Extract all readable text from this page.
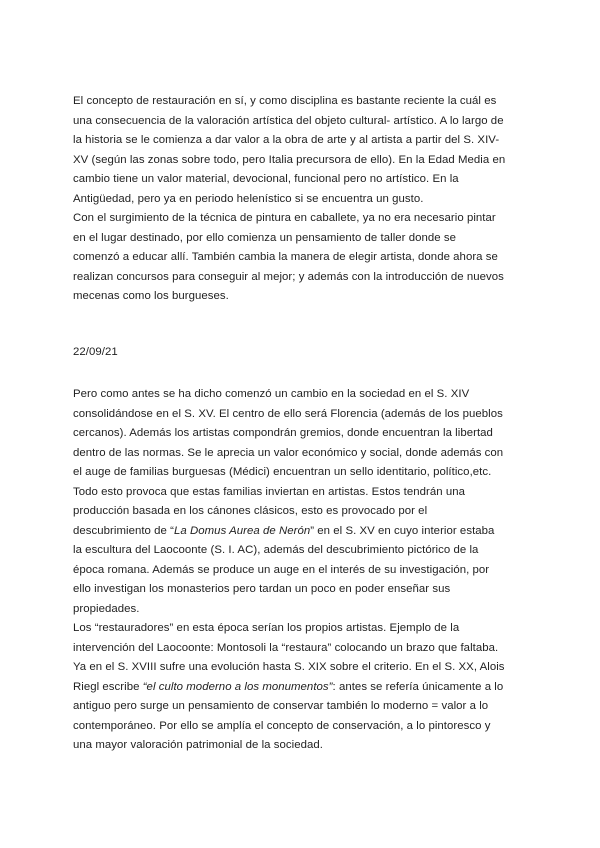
El concepto de restauración en sí, y como disciplina es bastante reciente la cuál es
una consecuencia de la valoración artística del objeto cultural- artístico. A lo largo de
la historia se le comienza a dar valor a la obra de arte y al artista a partir del S. XIV-
XV (según las zonas sobre todo, pero Italia precursora de ello). En la Edad Media en
cambio tiene un valor material, devocional, funcional pero no artístico. En la
Antigüedad, pero ya en periodo helenístico si se encuentra un gusto.
Con el surgimiento de la técnica de pintura en caballete, ya no era necesario pintar
en el lugar destinado, por ello comienza un pensamiento de taller donde se
comenzó a educar allí. También cambia la manera de elegir artista, donde ahora se
realizan concursos para conseguir al mejor; y además con la introducción de nuevos
mecenas como los burgueses.
22/09/21
Pero como antes se ha dicho comenzó un cambio en la sociedad en el S. XIV
consolidándose en el S. XV. El centro de ello será Florencia (además de los pueblos
cercanos). Además los artistas compondrán gremios, donde encuentran la libertad
dentro de las normas. Se le aprecia un valor económico y social, donde además con
el auge de familias burguesas (Médici) encuentran un sello identitario, político,etc.
Todo esto provoca que estas familias inviertan en artistas. Estos tendrán una
producción basada en los cánones clásicos, esto es provocado por el
descubrimiento de “La Domus Aurea de Nerón” en el S. XV en cuyo interior estaba
la escultura del Laocoonte (S. I. AC), además del descubrimiento pictórico de la
época romana. Además se produce un auge en el interés de su investigación, por
ello investigan los monasterios pero tardan un poco en poder enseñar sus
propiedades.
Los “restauradores” en esta época serían los propios artistas. Ejemplo de la
intervención del Laocoonte: Montosoli la “restaura” colocando un brazo que faltaba.
Ya en el S. XVIII sufre una evolución hasta S. XIX sobre el criterio. En el S. XX, Alois
Riegl escribe “el culto moderno a los monumentos”: antes se refería únicamente a lo
antiguo pero surge un pensamiento de conservar también lo moderno = valor a lo
contemporáneo. Por ello se amplía el concepto de conservación, a lo pintoresco y
una mayor valoración patrimonial de la sociedad.
